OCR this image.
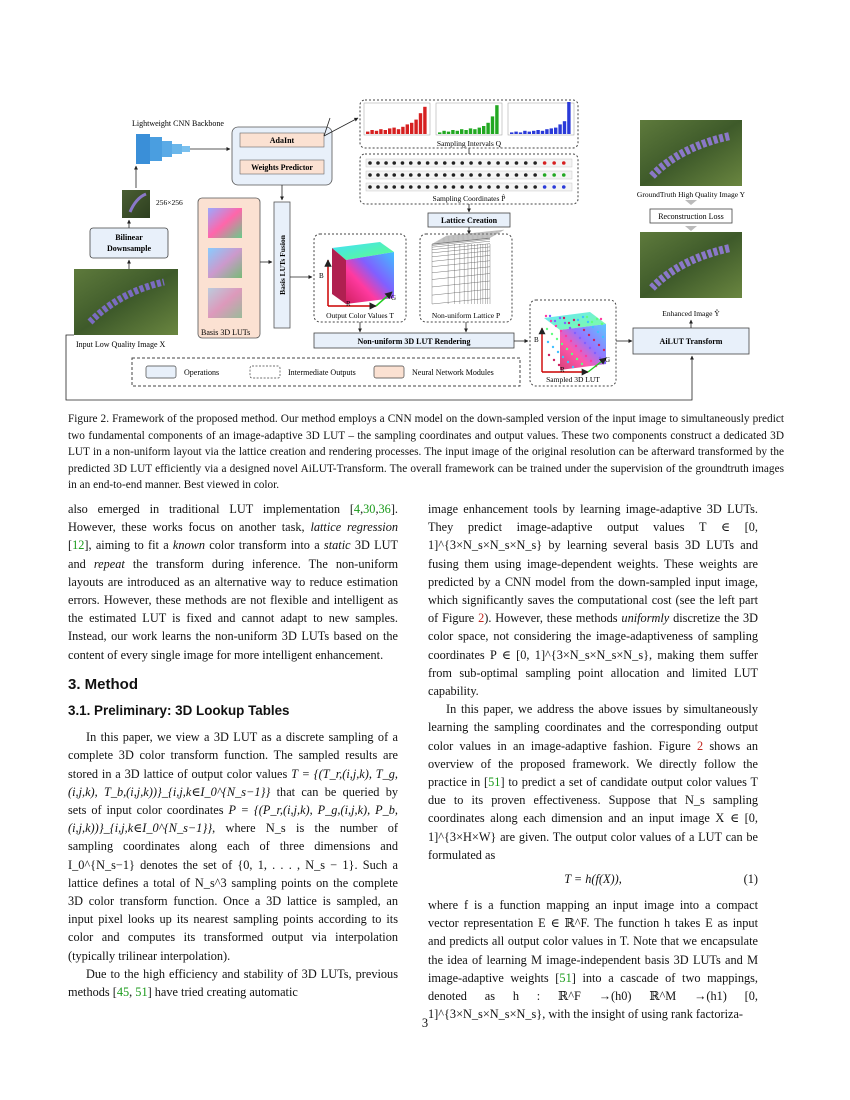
Lightweight CNN Backbone
AdaInt
Weights Predictor
256×256
Bilinear
Downsample
Input Low Quality Image X
Basis 3D LUTs
Basis LUTs Fusion
Sampling Intervals Q
Sampling Coordinates P̂
Lattice Creation
B
R
G
Output Color Values T	Non-uniform Lattice P
Non-uniform 3D LUT Rendering	B
R
G
Sampled 3D LUT
AiLUT Transform
GroundTruth High Quality Image Y
Reconstruction Loss
Enhanced Image Ŷ
Operations	Intermediate Outputs	Neural Network Modules
Figure 2. Framework of the proposed method. Our method employs a CNN model on the down-sampled version of the input image to simultaneously predict two fundamental components of an image-adaptive 3D LUT – the sampling coordinates and output values. These two components construct a dedicated 3D LUT in a non-uniform layout via the lattice creation and rendering processes. The input image of the original resolution can be afterward transformed by the predicted 3D LUT efficiently via a designed novel AiLUT-Transform. The overall framework can be trained under the supervision of the groundtruth images in an end-to-end manner. Best viewed in color.

also emerged in traditional LUT implementation [4,30,36]. However, these works focus on another task, lattice regression [12], aiming to fit a known color transform into a static 3D LUT and repeat the transform during inference. The non-uniform layouts are introduced as an alternative way to reduce estimation errors. However, these methods are not flexible and intelligent as the estimated LUT is fixed and cannot adapt to new samples. Instead, our work learns the non-uniform 3D LUTs based on the content of every single image for more intelligent enhancement.

3. Method
3.1. Preliminary: 3D Lookup Tables

In this paper, we view a 3D LUT as a discrete sampling of a complete 3D color transform function. The sampled results are stored in a 3D lattice of output color values T = {(T_r,(i,j,k), T_g,(i,j,k), T_b,(i,j,k))}_{i,j,k∈I_0^{N_s−1}} that can be queried by sets of input color coordinates P = {(P_r,(i,j,k), P_g,(i,j,k), P_b,(i,j,k))}_{i,j,k∈I_0^{N_s−1}}, where N_s is the number of sampling coordinates along each of three dimensions and I_0^{N_s−1} denotes the set of {0, 1, . . . , N_s − 1}. Such a lattice defines a total of N_s^3 sampling points on the complete 3D color transform function. Once a 3D lattice is sampled, an input pixel looks up its nearest sampling points according to its color and computes its transformed output via interpolation (typically trilinear interpolation).

Due to the high efficiency and stability of 3D LUTs, previous methods [45, 51] have tried creating automatic

image enhancement tools by learning image-adaptive 3D LUTs. They predict image-adaptive output values T ∈ [0, 1]^{3×N_s×N_s×N_s} by learning several basis 3D LUTs and fusing them using image-dependent weights. These weights are predicted by a CNN model from the down-sampled input image, which significantly saves the computational cost (see the left part of Figure 2). However, these methods uniformly discretize the 3D color space, not considering the image-adaptiveness of sampling coordinates P ∈ [0, 1]^{3×N_s×N_s×N_s}, making them suffer from sub-optimal sampling point allocation and limited LUT capability.

In this paper, we address the above issues by simultaneously learning the sampling coordinates and the corresponding output color values in an image-adaptive fashion. Figure 2 shows an overview of the proposed framework. We directly follow the practice in [51] to predict a set of candidate output color values T due to its proven effectiveness. Suppose that N_s sampling coordinates along each dimension and an input image X ∈ [0, 1]^{3×H×W} are given. The output color values of a LUT can be formulated as

T = h(f(X)),	(1)

where f is a function mapping an input image into a compact vector representation E ∈ ℝ^F. The function h takes E as input and predicts all output color values in T. Note that we encapsulate the idea of learning M image-independent basis 3D LUTs and M image-adaptive weights [51] into a cascade of two mappings, denoted as h : ℝ^F →(h0) ℝ^M →(h1) [0, 1]^{3×N_s×N_s×N_s}, with the insight of using rank factoriza-

3
